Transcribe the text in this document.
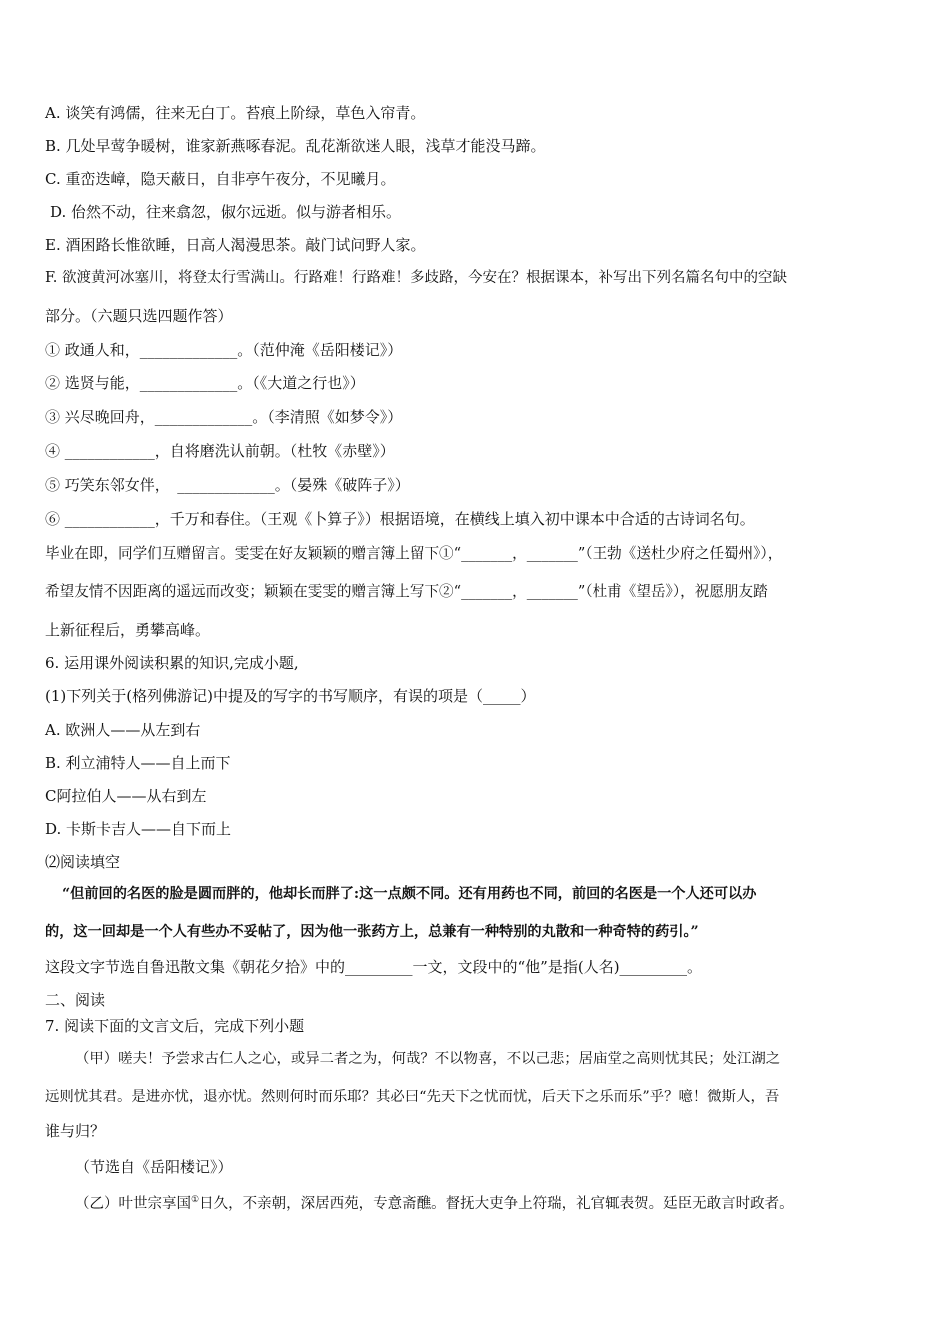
A. 谈笑有鸿儒，往来无白丁。苔痕上阶绿，草色入帘青。
B. 几处早莺争暖树，谁家新燕啄春泥。乱花渐欲迷人眼，浅草才能没马蹄。
C. 重峦迭嶂，隐天蔽日，自非亭午夜分，不见曦月。
D. 佁然不动，往来翕忽，俶尔远逝。似与游者相乐。
E. 酒困路长惟欲睡，日高人渴漫思茶。敲门试问野人家。
F. 欲渡黄河冰塞川，将登太行雪满山。行路难！行路难！多歧路，今安在？根据课本，补写出下列名篇名句中的空缺
部分。（六题只选四题作答）
① 政通人和，_____________。（范仲淹《岳阳楼记》）
② 选贤与能，_____________。（《大道之行也》）
③ 兴尽晚回舟，_____________。（李清照《如梦令》）
④ ____________，自将磨洗认前朝。（杜牧《赤壁》）
⑤ 巧笑东邻女伴，　_____________。（晏殊《破阵子》）
⑥ ____________，千万和春住。（王观《卜算子》）根据语境，在横线上填入初中课本中合适的古诗词名句。
毕业在即，同学们互赠留言。雯雯在好友颖颖的赠言簿上留下①“_______，_______”（王勃《送杜少府之任蜀州》），
希望友情不因距离的遥远而改变；颖颖在雯雯的赠言簿上写下②“_______，_______”（杜甫《望岳》），祝愿朋友踏
上新征程后，勇攀高峰。
6. 运用课外阅读积累的知识,完成小题,
(1)下列关于(格列佛游记)中提及的写字的书写顺序，有误的项是（_____）
A. 欧洲人——从左到右
B. 利立浦特人——自上而下
C阿拉伯人——从右到左
D. 卡斯卡吉人——自下而上
⑵阅读填空
“但前回的名医的脸是圆而胖的，他却长而胖了:这一点颇不同。还有用药也不同，前回的名医是一个人还可以办
的，这一回却是一个人有些办不妥帖了，因为他一张药方上，总兼有一种特别的丸散和一种奇特的药引。”
这段文字节选自鲁迅散文集《朝花夕拾》中的_________一文，文段中的“他”是指(人名)_________。
二、阅读
7. 阅读下面的文言文后，完成下列小题
（甲）嗟夫！予尝求古仁人之心，或异二者之为，何哉？不以物喜，不以己悲；居庙堂之高则忧其民；处江湖之
远则忧其君。是进亦忧，退亦忧。然则何时而乐耶？其必曰“先天下之忧而忧，后天下之乐而乐”乎？噫！微斯人，吾
谁与归？
（节选自《岳阳楼记》）
（乙）叶世宗享国①日久，不亲朝，深居西苑，专意斋醮。督抚大吏争上符瑞，礼官辄表贺。廷臣无敢言时政者。
